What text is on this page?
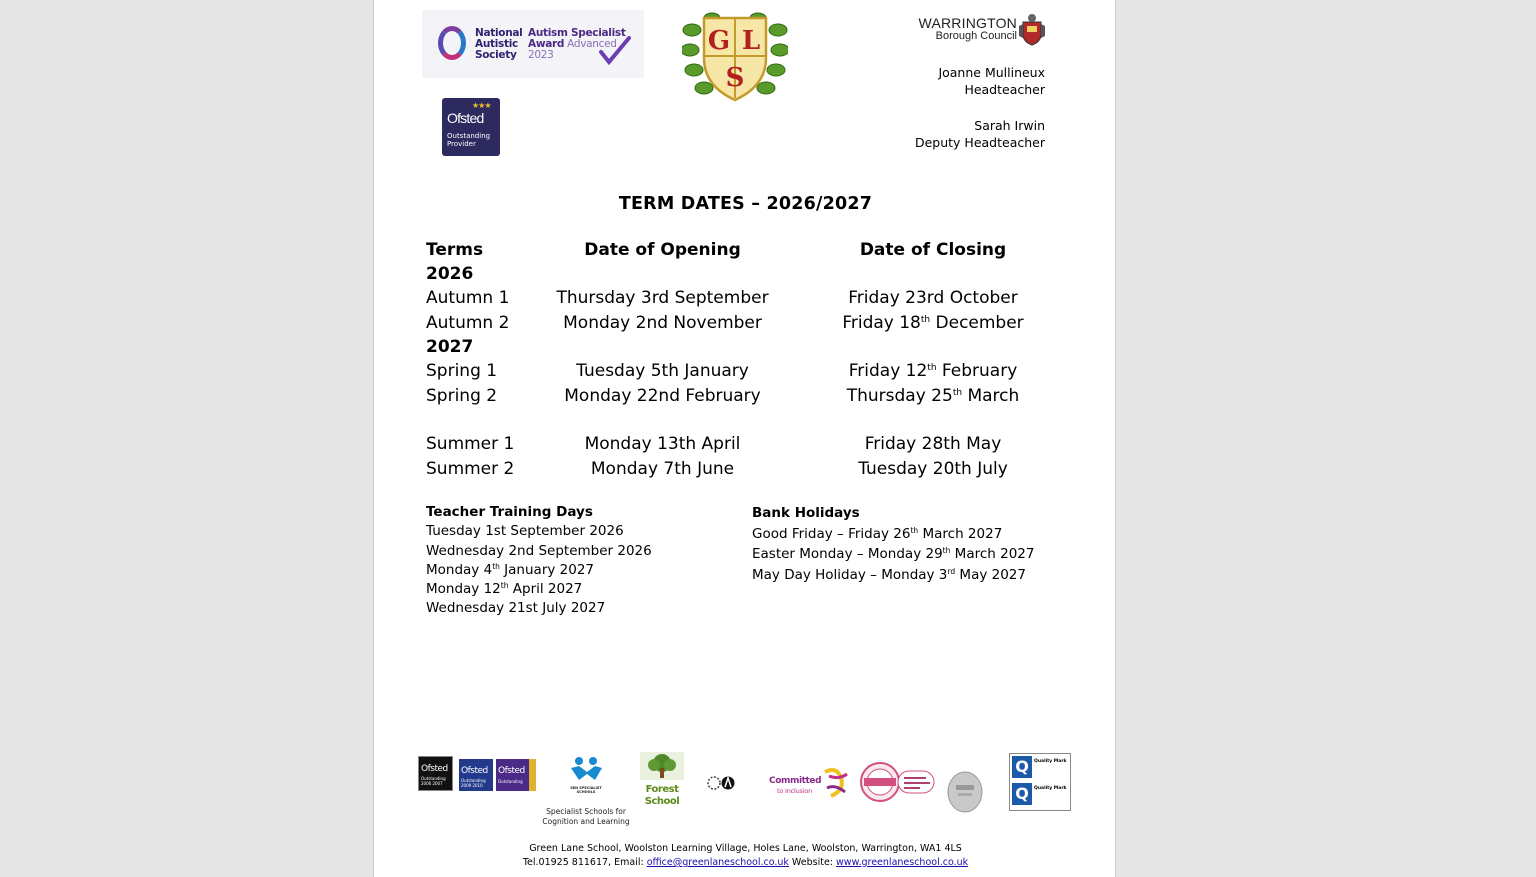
National
Autistic
Society
Autism Specialist
Award Advanced
2023	G L
S
★★★
Ofsted
Outstanding
Provider
WARRINGTON
Borough Council
Joanne Mullineux
Headteacher
Sarah Irwin
Deputy Headteacher
TERM DATES – 2026/2027
Terms	Date of Opening	Date of Closing
2026
Autumn 1	Thursday 3rd September	Friday 23rd October
Autumn 2	Monday 2nd November	Friday 18th December
2027
Spring 1	Tuesday 5th January	Friday 12th February
Spring 2	Monday 22nd February	Thursday 25th March
Summer 1	Monday 13th April	Friday 28th May
Summer 2	Monday 7th June	Tuesday 20th July
Teacher Training Days
Tuesday 1st September 2026
Wednesday 2nd September 2026
Monday 4th January 2027
Monday 12th April 2027
Wednesday 21st July 2027
Bank Holidays
Good Friday – Friday 26th March 2027
Easter Monday – Monday 29th March 2027
May Day Holiday – Monday 3rd May 2027
Ofsted
Outstanding
2006 2007
Ofsted
Outstanding
2009 2010
Ofsted
Outstanding
SEN SPECIALIST SCHOOLS
Specialist Schools for
Cognition and Learning
Forest
School
Committed
to Inclusion
Q	Quality Mark
Q	Quality Mark
Green Lane School, Woolston Learning Village, Holes Lane, Woolston, Warrington, WA1 4LS
Tel.01925 811617, Email: office@greenlaneschool.co.uk Website: www.greenlaneschool.co.uk
